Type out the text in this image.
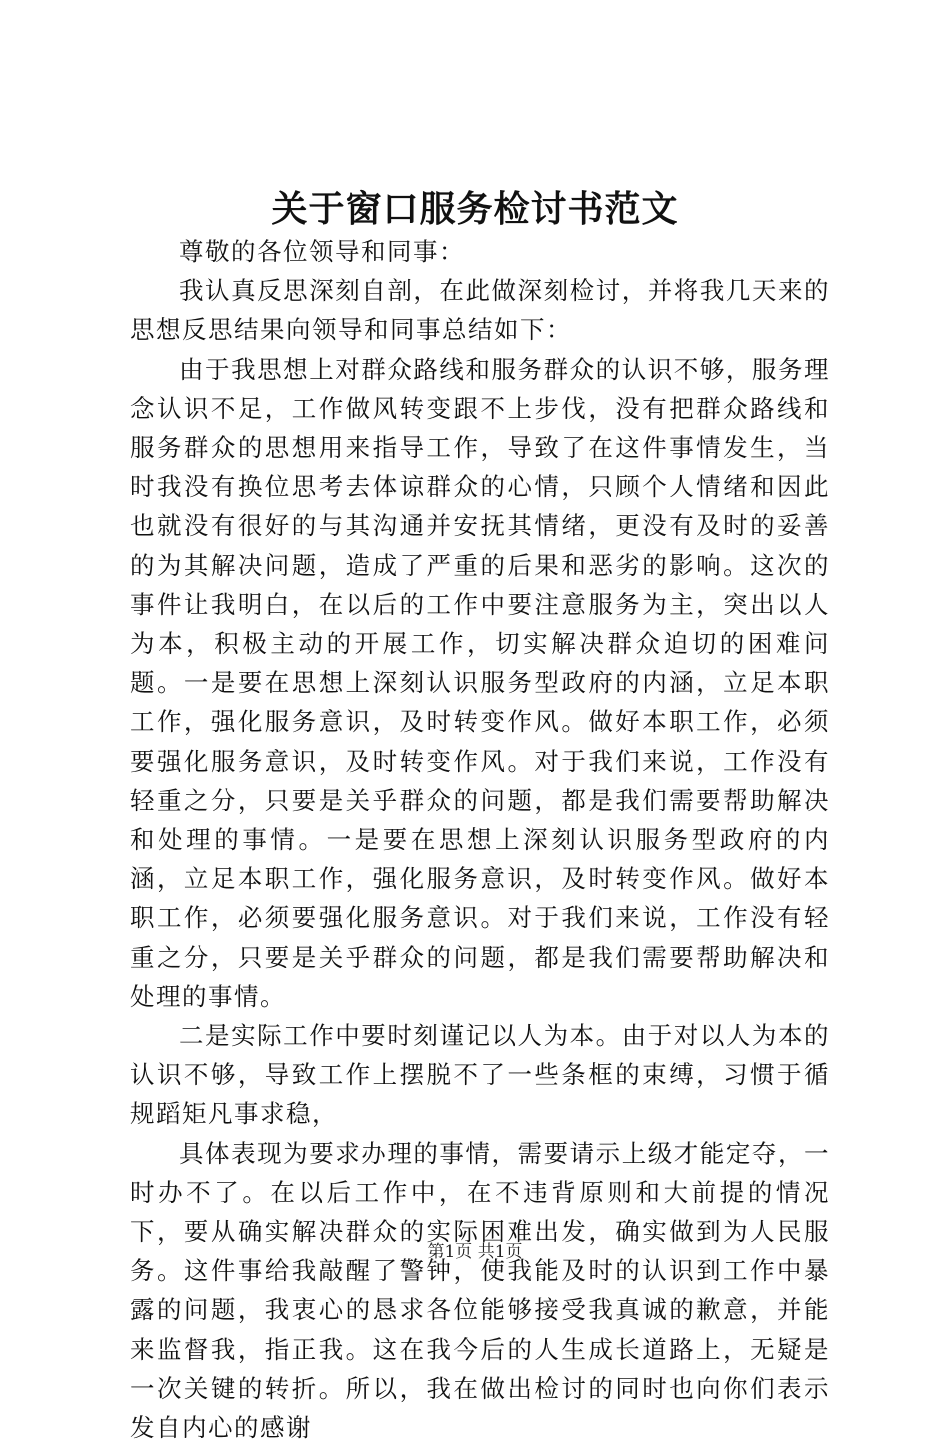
关于窗口服务检讨书范文

尊敬的各位领导和同事：

我认真反思深刻自剖，在此做深刻检讨，并将我几天来的思想反思结果向领导和同事总结如下：

由于我思想上对群众路线和服务群众的认识不够，服务理念认识不足，工作做风转变跟不上步伐，没有把群众路线和服务群众的思想用来指导工作，导致了在这件事情发生，当时我没有换位思考去体谅群众的心情，只顾个人情绪和因此也就没有很好的与其沟通并安抚其情绪，更没有及时的妥善的为其解决问题，造成了严重的后果和恶劣的影响。这次的事件让我明白，在以后的工作中要注意服务为主，突出以人为本，积极主动的开展工作，切实解决群众迫切的困难问题。一是要在思想上深刻认识服务型政府的内涵，立足本职工作，强化服务意识，及时转变作风。做好本职工作，必须要强化服务意识，及时转变作风。对于我们来说，工作没有轻重之分，只要是关乎群众的问题，都是我们需要帮助解决和处理的事情。一是要在思想上深刻认识服务型政府的内涵，立足本职工作，强化服务意识，及时转变作风。做好本职工作，必须要强化服务意识。对于我们来说，工作没有轻重之分，只要是关乎群众的问题，都是我们需要帮助解决和处理的事情。

二是实际工作中要时刻谨记以人为本。由于对以人为本的认识不够，导致工作上摆脱不了一些条框的束缚，习惯于循规蹈矩凡事求稳，

具体表现为要求办理的事情，需要请示上级才能定夺，一时办不了。在以后工作中，在不违背原则和大前提的情况下，要从确实解决群众的实际困难出发，确实做到为人民服务。这件事给我敲醒了警钟，使我能及时的认识到工作中暴露的问题，我衷心的恳求各位能够接受我真诚的歉意，并能来监督我，指正我。这在我今后的人生成长道路上，无疑是一次关键的转折。所以，我在做出检讨的同时也向你们表示发自内心的感谢

第1页 共1页
